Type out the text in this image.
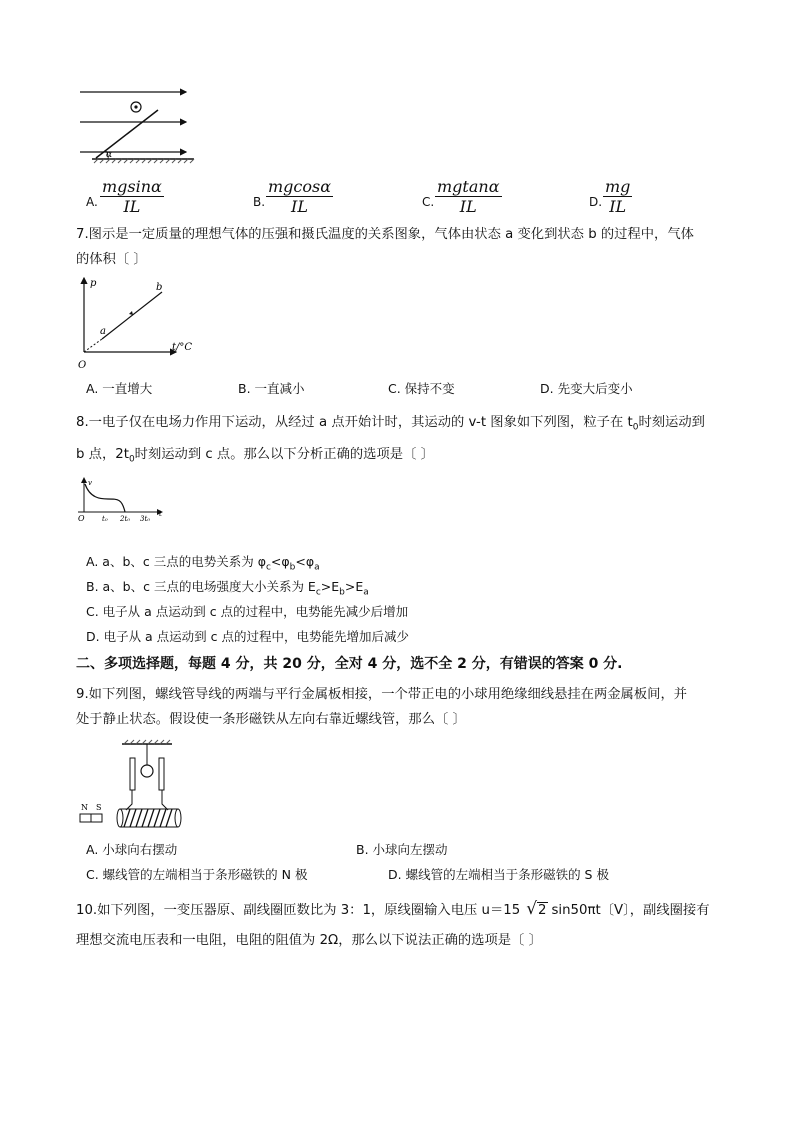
α
A. $\frac{mgsin\alpha}{IL}$	B. $\frac{mgcos\alpha}{IL}$	C. $\frac{mgtan\alpha}{IL}$	D. $\frac{mg}{IL}$
7.图示是一定质量的理想气体的压强和摄氏温度的关系图象，气体由状态 a 变化到状态 b 的过程中，气体
的体积〔 〕
p
t/°C
O
a
b
A. 一直增大	B. 一直减小	C. 保持不变	D. 先变大后变小
8.一电子仅在电场力作用下运动，从经过 a 点开始计时，其运动的 v-t 图象如下列图，粒子在 $t_0$时刻运动到
b 点，$2t_0$时刻运动到 c 点。那么以下分析正确的选项是〔 〕
v
O t₀ 2t₀ 3t₀
t
A. a、b、c 三点的电势关系为 $\varphi_c<\varphi_b<\varphi_a$
B. a、b、c 三点的电场强度大小关系为 $E_c>E_b>E_a$
C. 电子从 a 点运动到 c 点的过程中，电势能先减少后增加
D. 电子从 a 点运动到 c 点的过程中，电势能先增加后减少
二、多项选择题，每题 4 分，共 20 分，全对 4 分，选不全 2 分，有错误的答案 0 分.
9.如下列图，螺线管导线的两端与平行金属板相接，一个带正电的小球用绝缘细线悬挂在两金属板间，并
处于静止状态。假设使一条形磁铁从左向右靠近螺线管，那么〔 〕
N S
A. 小球向右摆动	B. 小球向左摆动
C. 螺线管的左端相当于条形磁铁的 N 极	D. 螺线管的左端相当于条形磁铁的 S 极
10.如下列图，一变压器原、副线圈匝数比为 3：1，原线圈输入电压 u＝15 √2 sin50πt〔V〕，副线圈接有
理想交流电压表和一电阻，电阻的阻值为 2Ω，那么以下说法正确的选项是〔 〕
